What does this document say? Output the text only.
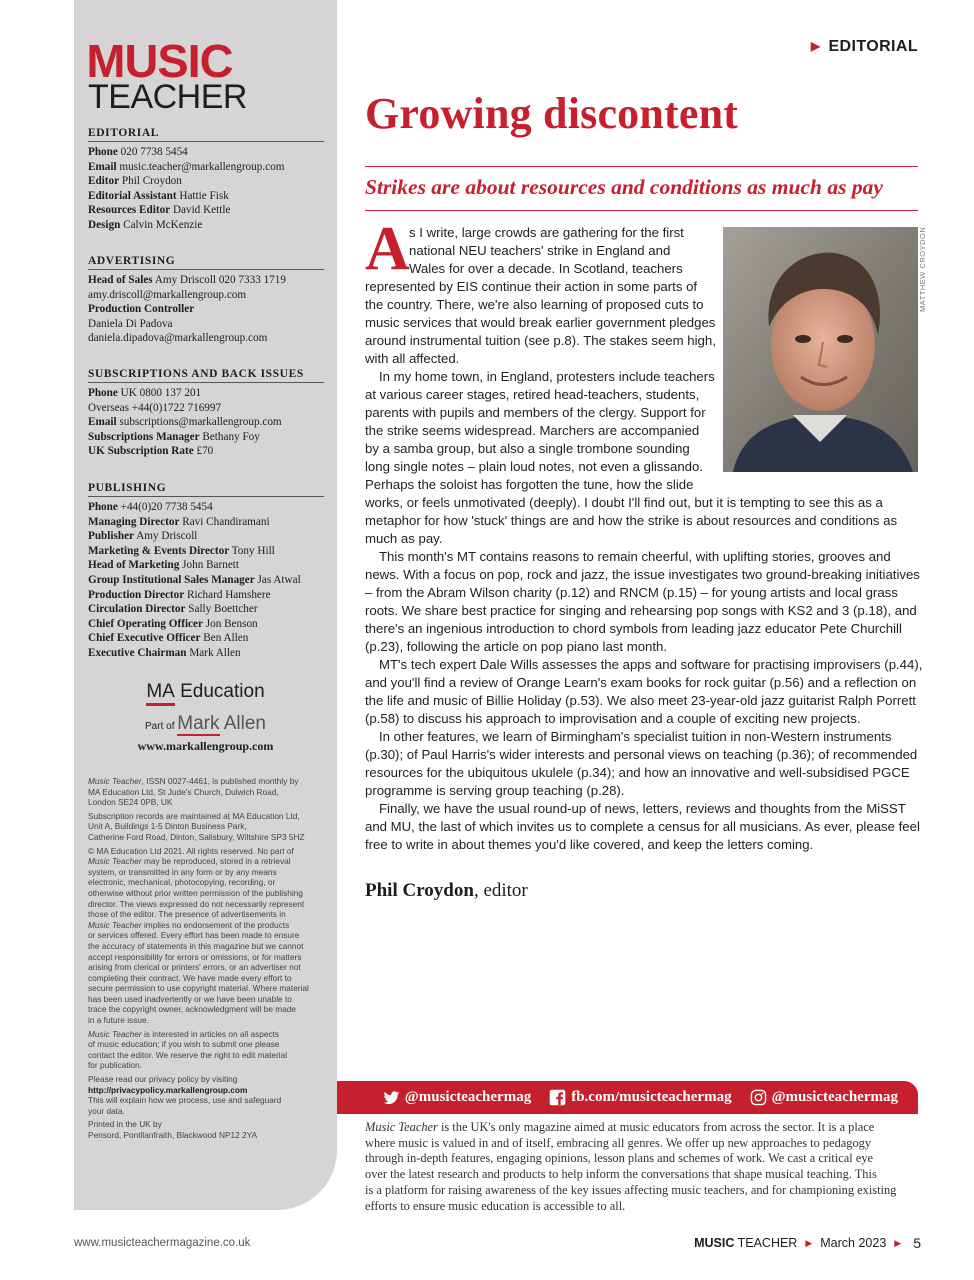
MUSIC
TEACHER
EDITORIAL
Phone 020 7738 5454
Email music.teacher@markallengroup.com
Editor Phil Croydon
Editorial Assistant Hattie Fisk
Resources Editor David Kettle
Design Calvin McKenzie
ADVERTISING
Head of Sales Amy Driscoll 020 7333 1719
amy.driscoll@markallengroup.com
Production Controller
Daniela Di Padova
daniela.dipadova@markallengroup.com
SUBSCRIPTIONS AND BACK ISSUES
Phone UK 0800 137 201
Overseas +44(0)1722 716997
Email subscriptions@markallengroup.com
Subscriptions Manager Bethany Foy
UK Subscription Rate £70
PUBLISHING
Phone +44(0)20 7738 5454
Managing Director Ravi Chandiramani
Publisher Amy Driscoll
Marketing & Events Director Tony Hill
Head of Marketing John Barnett
Group Institutional Sales Manager Jas Atwal
Production Director Richard Hamshere
Circulation Director Sally Boettcher
Chief Operating Officer Jon Benson
Chief Executive Officer Ben Allen
Executive Chairman Mark Allen
MA Education
Part of Mark Allen
www.markallengroup.com

Music Teacher, ISSN 0027-4461, is published monthly by
MA Education Ltd, St Jude's Church, Dulwich Road,
London SE24 0PB, UK

Subscription records are maintained at MA Education Ltd,
Unit A, Buildings 1-5 Dinton Business Park,
Catherine Ford Road, Dinton, Salisbury, Wiltshire SP3 5HZ

© MA Education Ltd 2021. All rights reserved. No part of
Music Teacher may be reproduced, stored in a retrieval
system, or transmitted in any form or by any means
electronic, mechanical, photocopying, recording, or
otherwise without prior written permission of the publishing
director. The views expressed do not necessarily represent
those of the editor. The presence of advertisements in
Music Teacher implies no endorsement of the products
or services offered. Every effort has been made to ensure
the accuracy of statements in this magazine but we cannot
accept responsibility for errors or omissions, or for matters
arising from clerical or printers' errors, or an advertiser not
completing their contract. We have made every effort to
secure permission to use copyright material. Where material
has been used inadvertently or we have been unable to
trace the copyright owner, acknowledgment will be made
in a future issue.

Music Teacher is interested in articles on all aspects
of music education; if you wish to submit one please
contact the editor. We reserve the right to edit material
for publication.

Please read our privacy policy by visiting
http://privacypolicy.markallengroup.com
This will explain how we process, use and safeguard
your data.

Printed in the UK by
Pensord, Pontllanfraith, Blackwood NP12 2YA

▶ EDITORIAL
Growing discontent
Strikes are about resources and conditions as much as pay
MATTHEW CROYDON
A s I write, large crowds are gathering for the first
national NEU teachers' strike in England and
Wales for over a decade. In Scotland, teachers
represented by EIS continue their action in some parts of
the country. There, we're also learning of proposed cuts to
music services that would break earlier government pledges
around instrumental tuition (see p.8). The stakes seem high,
with all affected.
In my home town, in England, protesters include teachers
at various career stages, retired head-teachers, students,
parents with pupils and members of the clergy. Support for
the strike seems widespread. Marchers are accompanied
by a samba group, but also a single trombone sounding
long single notes – plain loud notes, not even a glissando.
Perhaps the soloist has forgotten the tune, how the slide
works, or feels unmotivated (deeply). I doubt I'll find out, but it is tempting to see this as a
metaphor for how 'stuck' things are and how the strike is about resources and conditions as
much as pay.
This month's MT contains reasons to remain cheerful, with uplifting stories, grooves and
news. With a focus on pop, rock and jazz, the issue investigates two ground-breaking initiatives
– from the Abram Wilson charity (p.12) and RNCM (p.15) – for young artists and local grass
roots. We share best practice for singing and rehearsing pop songs with KS2 and 3 (p.18), and
there's an ingenious introduction to chord symbols from leading jazz educator Pete Churchill
(p.23), following the article on pop piano last month.
MT's tech expert Dale Wills assesses the apps and software for practising improvisers (p.44),
and you'll find a review of Orange Learn's exam books for rock guitar (p.56) and a reflection on
the life and music of Billie Holiday (p.53). We also meet 23-year-old jazz guitarist Ralph Porrett
(p.58) to discuss his approach to improvisation and a couple of exciting new projects.
In other features, we learn of Birmingham's specialist tuition in non-Western instruments
(p.30); of Paul Harris's wider interests and personal views on teaching (p.36); of recommended
resources for the ubiquitous ukulele (p.34); and how an innovative and well-subsidised PGCE
programme is serving group teaching (p.28).
Finally, we have the usual round-up of news, letters, reviews and thoughts from the MiSST
and MU, the last of which invites us to complete a census for all musicians. As ever, please feel
free to write in about themes you'd like covered, and keep the letters coming.
Phil Croydon, editor
@musicteachermag	fb.com/musicteachermag	@musicteachermag
Music Teacher is the UK's only magazine aimed at music educators from across the sector. It is a place
where music is valued in and of itself, embracing all genres. We offer up new approaches to pedagogy
through in-depth features, engaging opinions, lesson plans and schemes of work. We cast a critical eye
over the latest research and products to help inform the conversations that shape musical teaching. This
is a platform for raising awareness of the key issues affecting music teachers, and for championing existing
efforts to ensure music education is accessible to all.
www.musicteachermagazine.co.uk	MUSIC TEACHER ▶ March 2023 ▶ 5
